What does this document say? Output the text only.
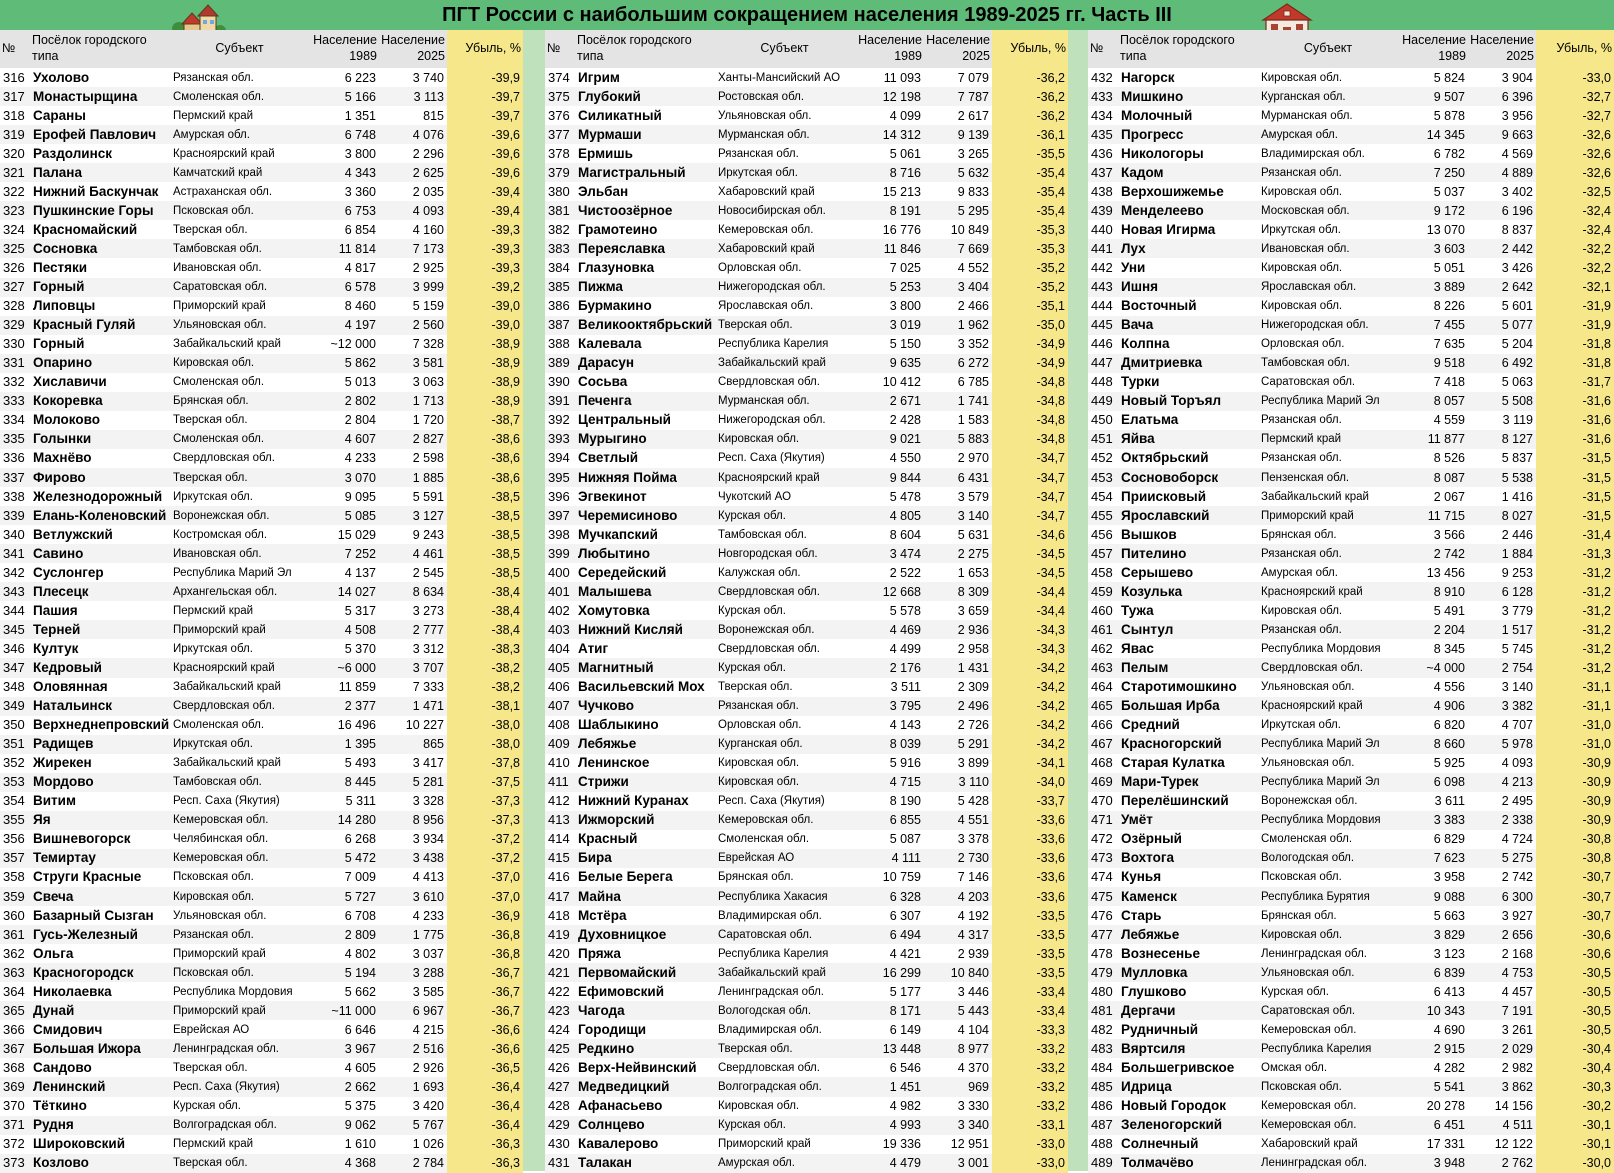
ПГТ России с наибольшим сокращением населения 1989-2025 гг. Часть III
№	Посёлок городского типа	Субъект	Население 1989	Население 2025	Убыль, %
316	Ухолово	Рязанская обл.	6 223	3 740	-39,9
317	Монастырщина	Смоленская обл.	5 166	3 113	-39,7
318	Сараны	Пермский край	1 351	815	-39,7
319	Ерофей Павлович	Амурская обл.	6 748	4 076	-39,6
320	Раздолинск	Красноярский край	3 800	2 296	-39,6
321	Палана	Камчатский край	4 343	2 625	-39,6
322	Нижний Баскунчак	Астраханская обл.	3 360	2 035	-39,4
323	Пушкинские Горы	Псковская обл.	6 753	4 093	-39,4
324	Красномайский	Тверская обл.	6 854	4 160	-39,3
325	Сосновка	Тамбовская обл.	11 814	7 173	-39,3
326	Пестяки	Ивановская обл.	4 817	2 925	-39,3
327	Горный	Саратовская обл.	6 578	3 999	-39,2
328	Липовцы	Приморский край	8 460	5 159	-39,0
329	Красный Гуляй	Ульяновская обл.	4 197	2 560	-39,0
330	Горный	Забайкальский край	~12 000	7 328	-38,9
331	Опарино	Кировская обл.	5 862	3 581	-38,9
332	Хиславичи	Смоленская обл.	5 013	3 063	-38,9
333	Кокоревка	Брянская обл.	2 802	1 713	-38,9
334	Молоково	Тверская обл.	2 804	1 720	-38,7
335	Голынки	Смоленская обл.	4 607	2 827	-38,6
336	Махнёво	Свердловская обл.	4 233	2 598	-38,6
337	Фирово	Тверская обл.	3 070	1 885	-38,6
338	Железнодорожный	Иркутская обл.	9 095	5 591	-38,5
339	Елань-Коленовский	Воронежская обл.	5 085	3 127	-38,5
340	Ветлужский	Костромская обл.	15 029	9 243	-38,5
341	Савино	Ивановская обл.	7 252	4 461	-38,5
342	Суслонгер	Республика Марий Эл	4 137	2 545	-38,5
343	Плесецк	Архангельская обл.	14 027	8 634	-38,4
344	Пашия	Пермский край	5 317	3 273	-38,4
345	Терней	Приморский край	4 508	2 777	-38,4
346	Култук	Иркутская обл.	5 370	3 312	-38,3
347	Кедровый	Красноярский край	~6 000	3 707	-38,2
348	Оловянная	Забайкальский край	11 859	7 333	-38,2
349	Натальинск	Свердловская обл.	2 377	1 471	-38,1
350	Верхнеднепровский	Смоленская обл.	16 496	10 227	-38,0
351	Радищев	Иркутская обл.	1 395	865	-38,0
352	Жирекен	Забайкальский край	5 493	3 417	-37,8
353	Мордово	Тамбовская обл.	8 445	5 281	-37,5
354	Витим	Респ. Саха (Якутия)	5 311	3 328	-37,3
355	Яя	Кемеровская обл.	14 280	8 956	-37,3
356	Вишневогорск	Челябинская обл.	6 268	3 934	-37,2
357	Темиртау	Кемеровская обл.	5 472	3 438	-37,2
358	Струги Красные	Псковская обл.	7 009	4 413	-37,0
359	Свеча	Кировская обл.	5 727	3 610	-37,0
360	Базарный Сызган	Ульяновская обл.	6 708	4 233	-36,9
361	Гусь-Железный	Рязанская обл.	2 809	1 775	-36,8
362	Ольга	Приморский край	4 802	3 037	-36,8
363	Красногородск	Псковская обл.	5 194	3 288	-36,7
364	Николаевка	Республика Мордовия	5 662	3 585	-36,7
365	Дунай	Приморский край	~11 000	6 967	-36,7
366	Смидович	Еврейская АО	6 646	4 215	-36,6
367	Большая Ижора	Ленинградская обл.	3 967	2 516	-36,6
368	Сандово	Тверская обл.	4 605	2 926	-36,5
369	Ленинский	Респ. Саха (Якутия)	2 662	1 693	-36,4
370	Тёткино	Курская обл.	5 375	3 420	-36,4
371	Рудня	Волгоградская обл.	9 062	5 767	-36,4
372	Широковский	Пермский край	1 610	1 026	-36,3
373	Козлово	Тверская обл.	4 368	2 784	-36,3
№	Посёлок городского типа	Субъект	Население 1989	Население 2025	Убыль, %
374	Игрим	Ханты-Мансийский АО	11 093	7 079	-36,2
375	Глубокий	Ростовская обл.	12 198	7 787	-36,2
376	Силикатный	Ульяновская обл.	4 099	2 617	-36,2
377	Мурмаши	Мурманская обл.	14 312	9 139	-36,1
378	Ермишь	Рязанская обл.	5 061	3 265	-35,5
379	Магистральный	Иркутская обл.	8 716	5 632	-35,4
380	Эльбан	Хабаровский край	15 213	9 833	-35,4
381	Чистоозёрное	Новосибирская обл.	8 191	5 295	-35,4
382	Грамотеино	Кемеровская обл.	16 776	10 849	-35,3
383	Переяславка	Хабаровский край	11 846	7 669	-35,3
384	Глазуновка	Орловская обл.	7 025	4 552	-35,2
385	Пижма	Нижегородская обл.	5 253	3 404	-35,2
386	Бурмакино	Ярославская обл.	3 800	2 466	-35,1
387	Великооктябрьский	Тверская обл.	3 019	1 962	-35,0
388	Калевала	Республика Карелия	5 150	3 352	-34,9
389	Дарасун	Забайкальский край	9 635	6 272	-34,9
390	Сосьва	Свердловская обл.	10 412	6 785	-34,8
391	Печенга	Мурманская обл.	2 671	1 741	-34,8
392	Центральный	Нижегородская обл.	2 428	1 583	-34,8
393	Мурыгино	Кировская обл.	9 021	5 883	-34,8
394	Светлый	Респ. Саха (Якутия)	4 550	2 970	-34,7
395	Нижняя Пойма	Красноярский край	9 844	6 431	-34,7
396	Эгвекинот	Чукотский АО	5 478	3 579	-34,7
397	Черемисиново	Курская обл.	4 805	3 140	-34,7
398	Мучкапский	Тамбовская обл.	8 604	5 631	-34,6
399	Любытино	Новгородская обл.	3 474	2 275	-34,5
400	Середейский	Калужская обл.	2 522	1 653	-34,5
401	Малышева	Свердловская обл.	12 668	8 309	-34,4
402	Хомутовка	Курская обл.	5 578	3 659	-34,4
403	Нижний Кисляй	Воронежская обл.	4 469	2 936	-34,3
404	Атиг	Свердловская обл.	4 499	2 958	-34,3
405	Магнитный	Курская обл.	2 176	1 431	-34,2
406	Васильевский Мох	Тверская обл.	3 511	2 309	-34,2
407	Чучково	Рязанская обл.	3 795	2 496	-34,2
408	Шаблыкино	Орловская обл.	4 143	2 726	-34,2
409	Лебяжье	Курганская обл.	8 039	5 291	-34,2
410	Ленинское	Кировская обл.	5 916	3 899	-34,1
411	Стрижи	Кировская обл.	4 715	3 110	-34,0
412	Нижний Куранах	Респ. Саха (Якутия)	8 190	5 428	-33,7
413	Ижморский	Кемеровская обл.	6 855	4 551	-33,6
414	Красный	Смоленская обл.	5 087	3 378	-33,6
415	Бира	Еврейская АО	4 111	2 730	-33,6
416	Белые Берега	Брянская обл.	10 759	7 146	-33,6
417	Майна	Республика Хакасия	6 328	4 203	-33,6
418	Мстёра	Владимирская обл.	6 307	4 192	-33,5
419	Духовницкое	Саратовская обл.	6 494	4 317	-33,5
420	Пряжа	Республика Карелия	4 421	2 939	-33,5
421	Первомайский	Забайкальский край	16 299	10 840	-33,5
422	Ефимовский	Ленинградская обл.	5 177	3 446	-33,4
423	Чагода	Вологодская обл.	8 171	5 443	-33,4
424	Городищи	Владимирская обл.	6 149	4 104	-33,3
425	Редкино	Тверская обл.	13 448	8 977	-33,2
426	Верх-Нейвинский	Свердловская обл.	6 546	4 370	-33,2
427	Медведицкий	Волгоградская обл.	1 451	969	-33,2
428	Афанасьево	Кировская обл.	4 982	3 330	-33,2
429	Солнцево	Курская обл.	4 993	3 340	-33,1
430	Кавалерово	Приморский край	19 336	12 951	-33,0
431	Талакан	Амурская обл.	4 479	3 001	-33,0
№	Посёлок городского типа	Субъект	Население 1989	Население 2025	Убыль, %
432	Нагорск	Кировская обл.	5 824	3 904	-33,0
433	Мишкино	Курганская обл.	9 507	6 396	-32,7
434	Молочный	Мурманская обл.	5 878	3 956	-32,7
435	Прогресс	Амурская обл.	14 345	9 663	-32,6
436	Никологоры	Владимирская обл.	6 782	4 569	-32,6
437	Кадом	Рязанская обл.	7 250	4 889	-32,6
438	Верхошижемье	Кировская обл.	5 037	3 402	-32,5
439	Менделеево	Московская обл.	9 172	6 196	-32,4
440	Новая Игирма	Иркутская обл.	13 070	8 837	-32,4
441	Лух	Ивановская обл.	3 603	2 442	-32,2
442	Уни	Кировская обл.	5 051	3 426	-32,2
443	Ишня	Ярославская обл.	3 889	2 642	-32,1
444	Восточный	Кировская обл.	8 226	5 601	-31,9
445	Вача	Нижегородская обл.	7 455	5 077	-31,9
446	Колпна	Орловская обл.	7 635	5 204	-31,8
447	Дмитриевка	Тамбовская обл.	9 518	6 492	-31,8
448	Турки	Саратовская обл.	7 418	5 063	-31,7
449	Новый Торъял	Республика Марий Эл	8 057	5 508	-31,6
450	Елатьма	Рязанская обл.	4 559	3 119	-31,6
451	Яйва	Пермский край	11 877	8 127	-31,6
452	Октябрьский	Рязанская обл.	8 526	5 837	-31,5
453	Сосновоборск	Пензенская обл.	8 087	5 538	-31,5
454	Приисковый	Забайкальский край	2 067	1 416	-31,5
455	Ярославский	Приморский край	11 715	8 027	-31,5
456	Вышков	Брянская обл.	3 566	2 446	-31,4
457	Пителино	Рязанская обл.	2 742	1 884	-31,3
458	Серышево	Амурская обл.	13 456	9 253	-31,2
459	Козулька	Красноярский край	8 910	6 128	-31,2
460	Тужа	Кировская обл.	5 491	3 779	-31,2
461	Сынтул	Рязанская обл.	2 204	1 517	-31,2
462	Явас	Республика Мордовия	8 345	5 745	-31,2
463	Пелым	Свердловская обл.	~4 000	2 754	-31,2
464	Старотимошкино	Ульяновская обл.	4 556	3 140	-31,1
465	Большая Ирба	Красноярский край	4 906	3 382	-31,1
466	Средний	Иркутская обл.	6 820	4 707	-31,0
467	Красногорский	Республика Марий Эл	8 660	5 978	-31,0
468	Старая Кулатка	Ульяновская обл.	5 925	4 093	-30,9
469	Мари-Турек	Республика Марий Эл	6 098	4 213	-30,9
470	Перелёшинский	Воронежская обл.	3 611	2 495	-30,9
471	Умёт	Республика Мордовия	3 383	2 338	-30,9
472	Озёрный	Смоленская обл.	6 829	4 724	-30,8
473	Вохтога	Вологодская обл.	7 623	5 275	-30,8
474	Кунья	Псковская обл.	3 958	2 742	-30,7
475	Каменск	Республика Бурятия	9 088	6 300	-30,7
476	Старь	Брянская обл.	5 663	3 927	-30,7
477	Лебяжье	Кировская обл.	3 829	2 656	-30,6
478	Вознесенье	Ленинградская обл.	3 123	2 168	-30,6
479	Мулловка	Ульяновская обл.	6 839	4 753	-30,5
480	Глушково	Курская обл.	6 413	4 457	-30,5
481	Дергачи	Саратовская обл.	10 343	7 191	-30,5
482	Рудничный	Кемеровская обл.	4 690	3 261	-30,5
483	Вяртсиля	Республика Карелия	2 915	2 029	-30,4
484	Большегривское	Омская обл.	4 282	2 982	-30,4
485	Идрица	Псковская обл.	5 541	3 862	-30,3
486	Новый Городок	Кемеровская обл.	20 278	14 156	-30,2
487	Зеленогорский	Кемеровская обл.	6 451	4 511	-30,1
488	Солнечный	Хабаровский край	17 331	12 122	-30,1
489	Толмачёво	Ленинградская обл.	3 948	2 762	-30,0
